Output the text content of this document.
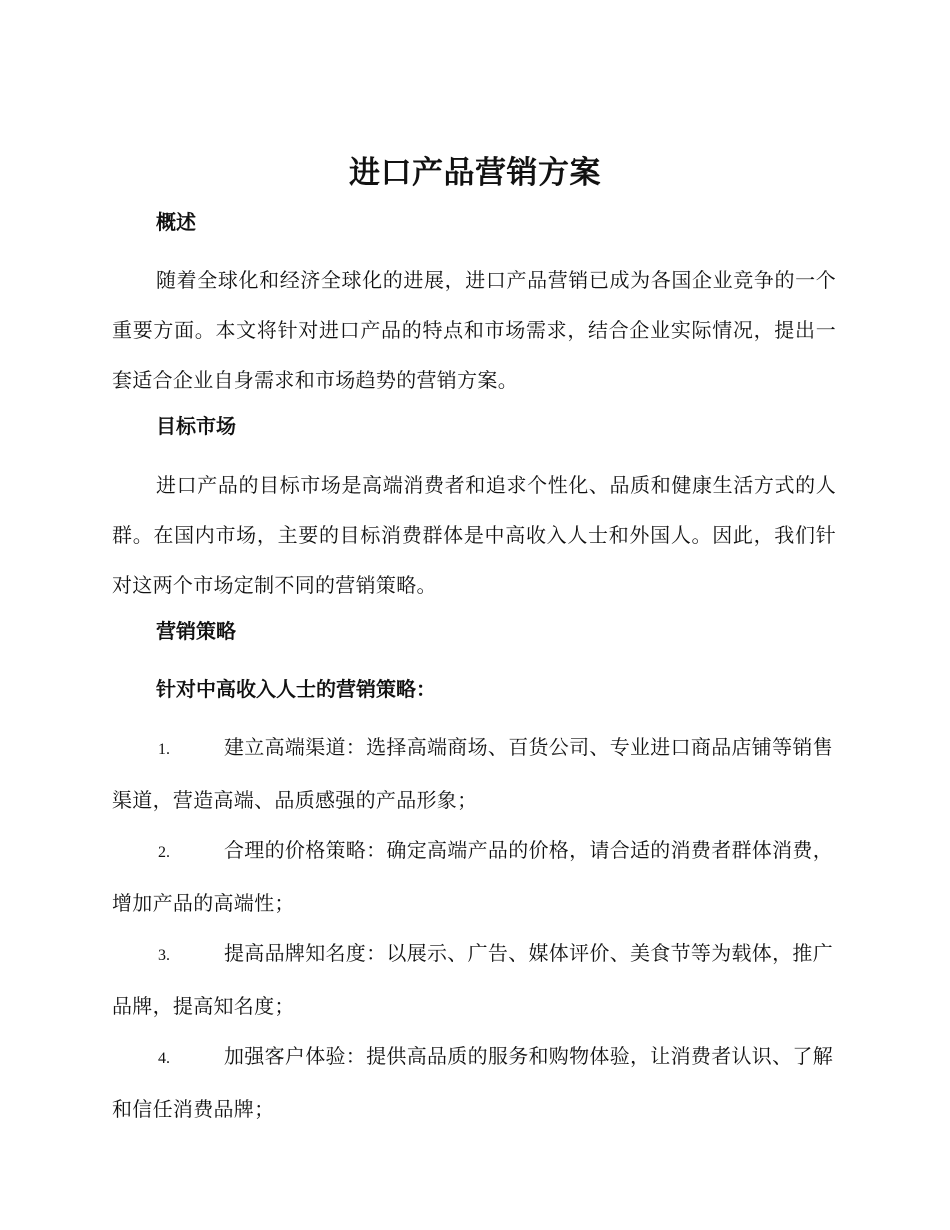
进口产品营销方案
概述

随着全球化和经济全球化的进展，进口产品营销已成为各国企业竞争的一个重要方面。本文将针对进口产品的特点和市场需求，结合企业实际情况，提出一套适合企业自身需求和市场趋势的营销方案。

目标市场

进口产品的目标市场是高端消费者和追求个性化、品质和健康生活方式的人群。在国内市场，主要的目标消费群体是中高收入人士和外国人。因此，我们针对这两个市场定制不同的营销策略。

营销策略
针对中高收入人士的营销策略：

1.	建立高端渠道：选择高端商场、百货公司、专业进口商品店铺等销售渠道，营造高端、品质感强的产品形象；

2.	合理的价格策略：确定高端产品的价格，请合适的消费者群体消费，增加产品的高端性；

3.	提高品牌知名度：以展示、广告、媒体评价、美食节等为载体，推广品牌，提高知名度；

4.	加强客户体验：提供高品质的服务和购物体验，让消费者认识、了解和信任消费品牌；
